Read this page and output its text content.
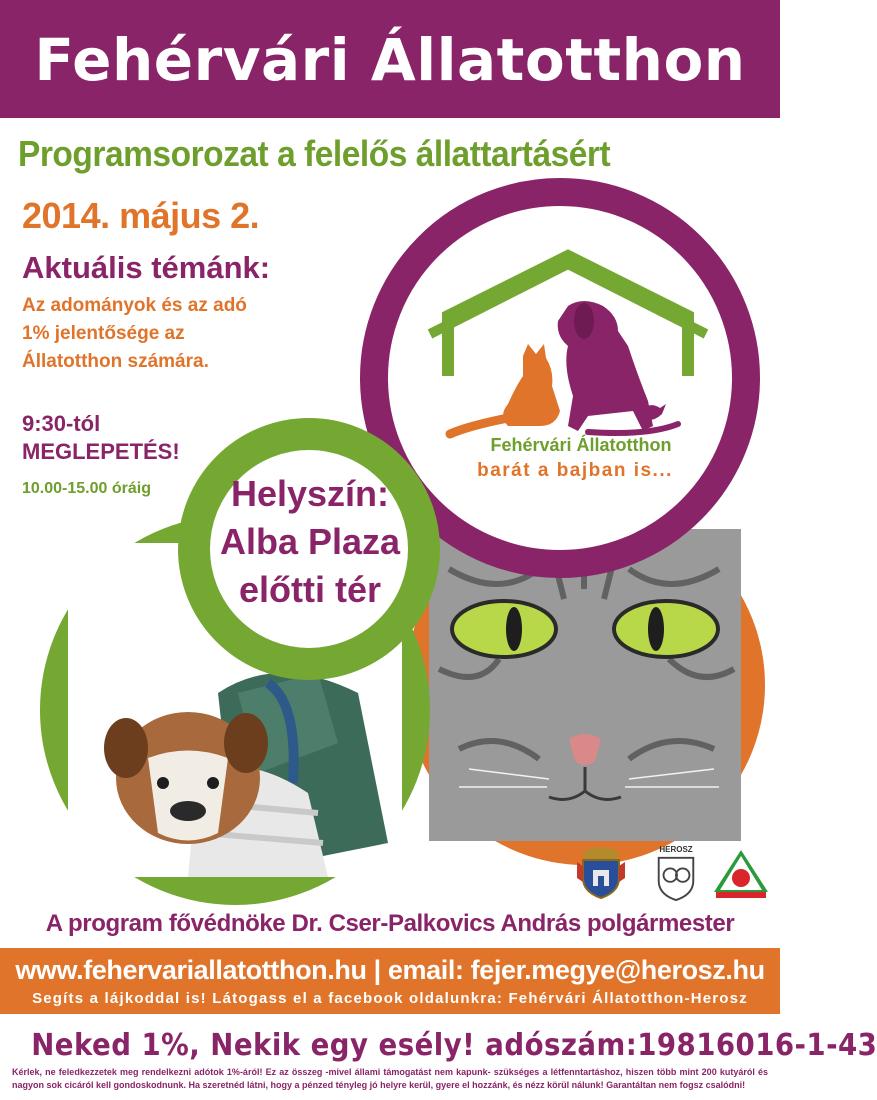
Fehérvári Állatotthon
Programsorozat a felelős állattartásért
2014. május 2.
Aktuális témánk:
Az adományok és az adó 1% jelentősége az Állatotthon számára.
9:30-tól
MEGLEPETÉS!
10.00-15.00 óráig
Fehérvári Állatotthon
barát a bajban is...
Helyszín: Alba Plaza előtti tér
HEROSZ
A program fővédnöke Dr. Cser-Palkovics András polgármester
www.fehervariallatotthon.hu | email: fejer.megye@herosz.hu
Segíts a lájkoddal is! Látogass el a facebook oldalunkra: Fehérvári Állatotthon-Herosz
Neked 1%, Nekik egy esély! adószám:19816016-1-43
Kérlek, ne feledkezzetek meg rendelkezni adótok 1%-áról! Ez az összeg -mivel állami támogatást nem kapunk- szükséges a létfenntartáshoz, hiszen több mint 200 kutyáról és nagyon sok cicáról kell gondoskodnunk. Ha szeretnéd látni, hogy a pénzed tényleg jó helyre kerül, gyere el hozzánk, és nézz körül nálunk! Garantáltan nem fogsz csalódni!
